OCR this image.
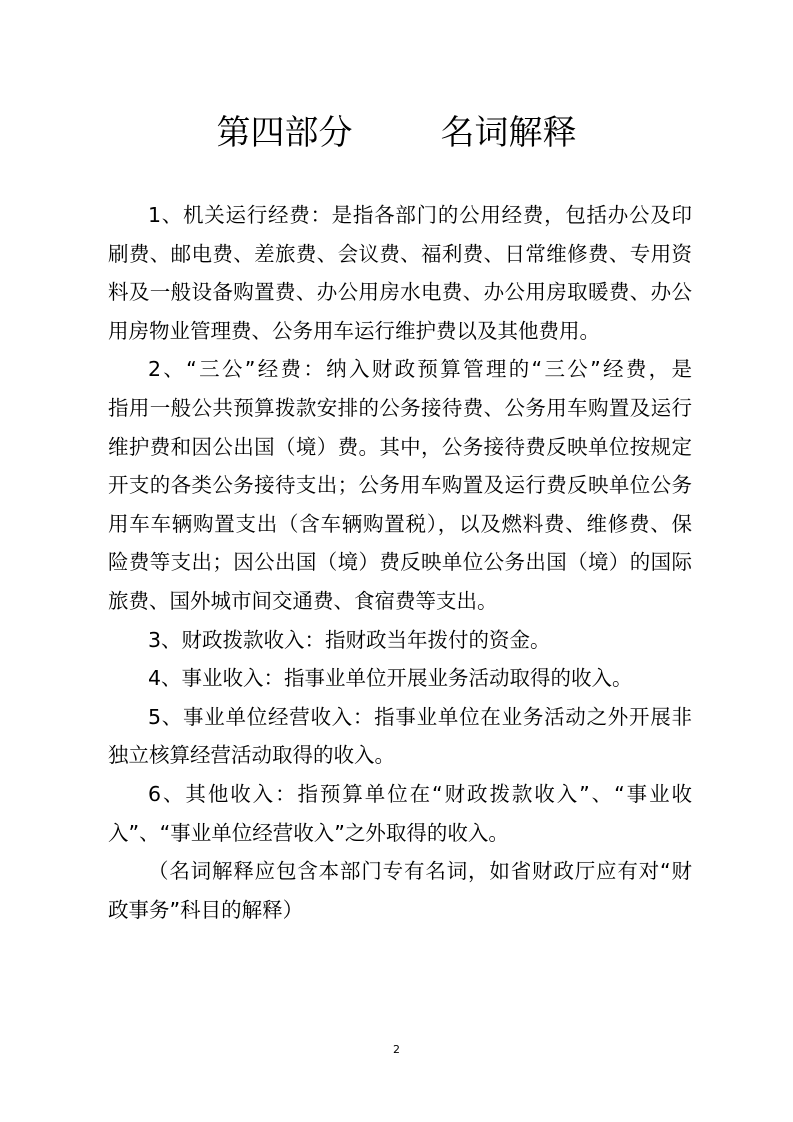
第四部分	名词解释
1、机关运行经费：是指各部门的公用经费，包括办公及印
刷费、邮电费、差旅费、会议费、福利费、日常维修费、专用资
料及一般设备购置费、办公用房水电费、办公用房取暖费、办公
用房物业管理费、公务用车运行维护费以及其他费用。
2、“三公”经费：纳入财政预算管理的“三公”经费，是
指用一般公共预算拨款安排的公务接待费、公务用车购置及运行
维护费和因公出国（境）费。其中，公务接待费反映单位按规定
开支的各类公务接待支出；公务用车购置及运行费反映单位公务
用车车辆购置支出（含车辆购置税），以及燃料费、维修费、保
险费等支出；因公出国（境）费反映单位公务出国（境）的国际
旅费、国外城市间交通费、食宿费等支出。
3、财政拨款收入：指财政当年拨付的资金。
4、事业收入：指事业单位开展业务活动取得的收入。
5、事业单位经营收入：指事业单位在业务活动之外开展非
独立核算经营活动取得的收入。
6、其他收入：指预算单位在“财政拨款收入”、“事业收
入”、“事业单位经营收入”之外取得的收入。
（名词解释应包含本部门专有名词，如省财政厅应有对“财
政事务”科目的解释）
2
